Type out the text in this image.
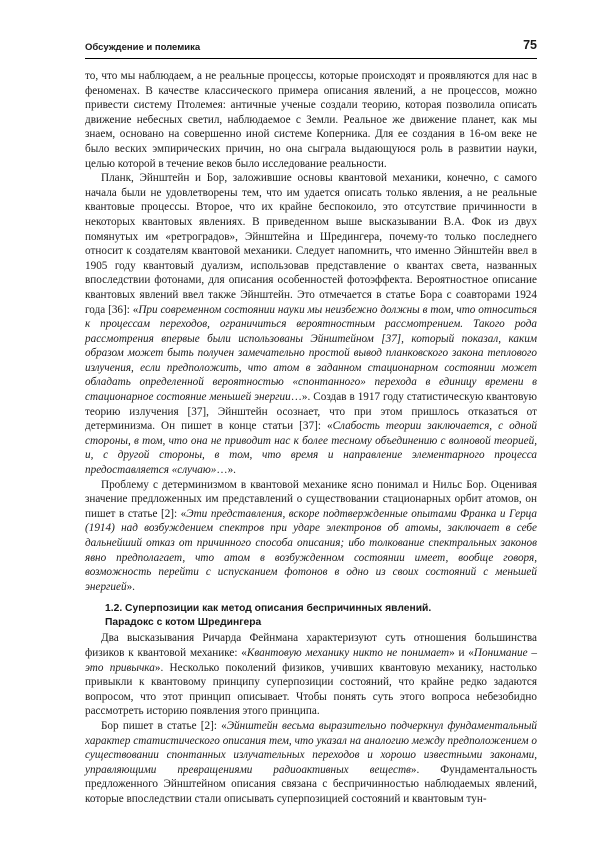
Обсуждение и полемика	75

то, что мы наблюдаем, а не реальные процессы, которые происходят и проявляются для нас в феноменах. В качестве классического примера описания явлений, а не процессов, можно привести систему Птолемея: античные ученые создали теорию, которая позволила описать движение небесных светил, наблюдаемое с Земли. Реальное же движение планет, как мы знаем, основано на совершенно иной системе Коперника. Для ее создания в 16-ом веке не было веских эмпирических причин, но она сыграла выдающуюся роль в развитии науки, целью которой в течение веков было исследование реальности.

Планк, Эйнштейн и Бор, заложившие основы квантовой механики, конечно, с самого начала были не удовлетворены тем, что им удается описать только явления, а не реальные квантовые процессы. Второе, что их крайне беспокоило, это отсутствие причинности в некоторых квантовых явлениях. В приведенном выше высказывании В.А. Фок из двух помянутых им «ретроградов», Эйнштейна и Шредингера, почему-то только последнего относит к создателям квантовой механики. Следует напомнить, что именно Эйнштейн ввел в 1905 году квантовый дуализм, использовав представление о квантах света, названных впоследствии фотонами, для описания особенностей фотоэффекта. Вероятностное описание квантовых явлений ввел также Эйнштейн. Это отмечается в статье Бора с соавторами 1924 года [36]: «При современном состоянии науки мы неизбежно должны в том, что относиться к процессам переходов, ограничиться вероятностным рассмотрением. Такого рода рассмотрения впервые были использованы Эйнштейном [37], который показал, каким образом может быть получен замечательно простой вывод планковского закона теплового излучения, если предположить, что атом в заданном стационарном состоянии может обладать определенной вероятностью «спонтанного» перехода в единицу времени в стационарное состояние меньшей энергии…». Создав в 1917 году статистическую квантовую теорию излучения [37], Эйнштейн осознает, что при этом пришлось отказаться от детерминизма. Он пишет в конце статьи [37]: «Слабость теории заключается, с одной стороны, в том, что она не приводит нас к более тесному объединению с волновой теорией, и, с другой стороны, в том, что время и направление элементарного процесса предоставляется «случаю»…».

Проблему с детерминизмом в квантовой механике ясно понимал и Нильс Бор. Оценивая значение предложенных им представлений о существовании стационарных орбит атомов, он пишет в статье [2]: «Эти представления, вскоре подтвержденные опытами Франка и Герца (1914) над возбуждением спектров при ударе электронов об атомы, заключает в себе дальнейший отказ от причинного способа описания; ибо толкование спектральных законов явно предполагает, что атом в возбужденном состоянии имеет, вообще говоря, возможность перейти с испусканием фотонов в одно из своих состояний с меньшей энергией».

1.2. Суперпозиции как метод описания беспричинных явлений.
Парадокс с котом Шредингера

Два высказывания Ричарда Фейнмана характеризуют суть отношения большинства физиков к квантовой механике: «Квантовую механику никто не понимает» и «Понимание – это привычка». Несколько поколений физиков, учивших квантовую механику, настолько привыкли к квантовому принципу суперпозиции состояний, что крайне редко задаются вопросом, что этот принцип описывает. Чтобы понять суть этого вопроса небезобидно рассмотреть историю появления этого принципа.

Бор пишет в статье [2]: «Эйнштейн весьма выразительно подчеркнул фундаментальный характер статистического описания тем, что указал на аналогию между предположением о существовании спонтанных излучательных переходов и хорошо известными законами, управляющими превращениями радиоактивных веществ». Фундаментальность предложенного Эйнштейном описания связана с беспричинностью наблюдаемых явлений, которые впоследствии стали описывать суперпозицией состояний и квантовым тун-
